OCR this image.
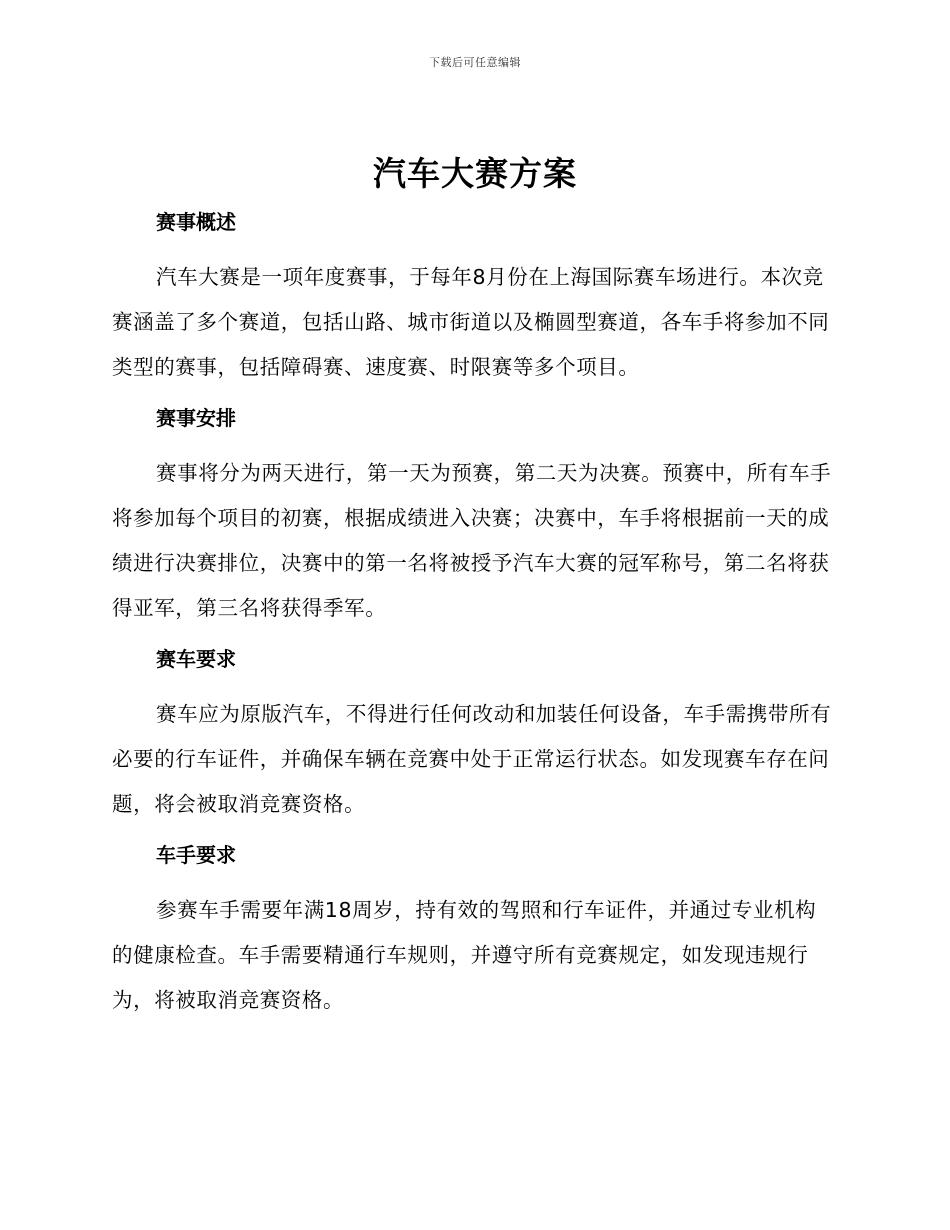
下载后可任意编辑
汽车大赛方案
赛事概述

汽车大赛是一项年度赛事，于每年8月份在上海国际赛车场进行。本次竞赛涵盖了多个赛道，包括山路、城市街道以及椭圆型赛道，各车手将参加不同类型的赛事，包括障碍赛、速度赛、时限赛等多个项目。

赛事安排

赛事将分为两天进行，第一天为预赛，第二天为决赛。预赛中，所有车手将参加每个项目的初赛，根据成绩进入决赛；决赛中，车手将根据前一天的成绩进行决赛排位，决赛中的第一名将被授予汽车大赛的冠军称号，第二名将获得亚军，第三名将获得季军。

赛车要求

赛车应为原版汽车，不得进行任何改动和加装任何设备，车手需携带所有必要的行车证件，并确保车辆在竞赛中处于正常运行状态。如发现赛车存在问题，将会被取消竞赛资格。

车手要求

参赛车手需要年满18周岁，持有效的驾照和行车证件，并通过专业机构的健康检查。车手需要精通行车规则，并遵守所有竞赛规定，如发现违规行为，将被取消竞赛资格。
